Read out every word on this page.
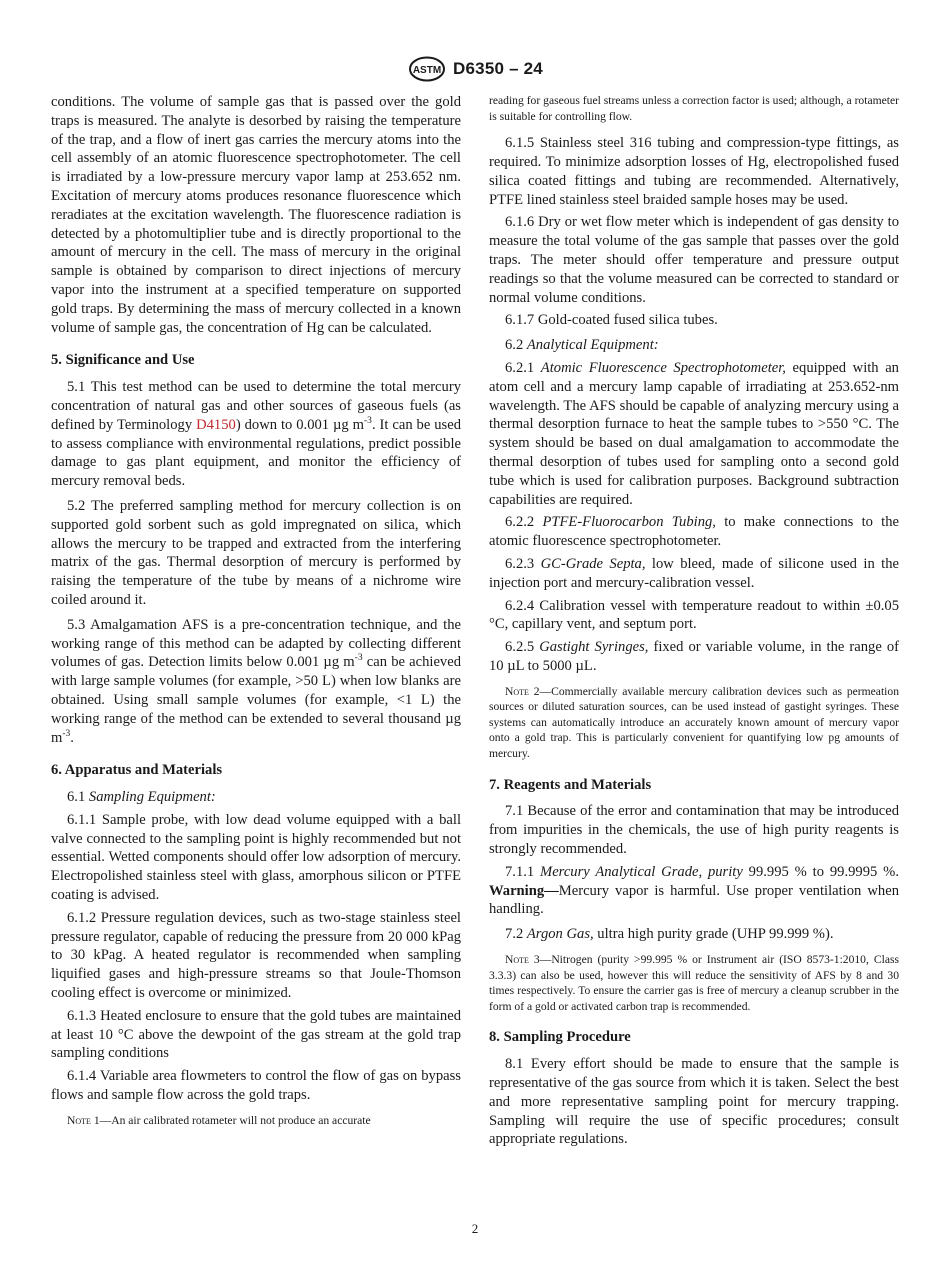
ASTM D6350 – 24

conditions. The volume of sample gas that is passed over the gold traps is measured. The analyte is desorbed by raising the temperature of the trap, and a flow of inert gas carries the mercury atoms into the cell assembly of an atomic fluorescence spectrophotometer. The cell is irradiated by a low-pressure mercury vapor lamp at 253.652 nm. Excitation of mercury atoms produces resonance fluorescence which reradiates at the excitation wavelength. The fluorescence radiation is detected by a photomultiplier tube and is directly proportional to the amount of mercury in the cell. The mass of mercury in the original sample is obtained by comparison to direct injections of mercury vapor into the instrument at a specified temperature on supported gold traps. By determining the mass of mercury collected in a known volume of sample gas, the concentration of Hg can be calculated.

5. Significance and Use

5.1 This test method can be used to determine the total mercury concentration of natural gas and other sources of gaseous fuels (as defined by Terminology D4150) down to 0.001 µg $m^{-3}$. It can be used to assess compliance with environmental regulations, predict possible damage to gas plant equipment, and monitor the efficiency of mercury removal beds.

5.2 The preferred sampling method for mercury collection is on supported gold sorbent such as gold impregnated on silica, which allows the mercury to be trapped and extracted from the interfering matrix of the gas. Thermal desorption of mercury is performed by raising the temperature of the tube by means of a nichrome wire coiled around it.

5.3 Amalgamation AFS is a pre-concentration technique, and the working range of this method can be adapted by collecting different volumes of gas. Detection limits below 0.001 µg $m^{-3}$ can be achieved with large sample volumes (for example, >50 L) when low blanks are obtained. Using small sample volumes (for example, <1 L) the working range of the method can be extended to several thousand µg $m^{-3}$.

6. Apparatus and Materials

6.1 Sampling Equipment:

6.1.1 Sample probe, with low dead volume equipped with a ball valve connected to the sampling point is highly recommended but not essential. Wetted components should offer low adsorption of mercury. Electropolished stainless steel with glass, amorphous silicon or PTFE coating is advised.

6.1.2 Pressure regulation devices, such as two-stage stainless steel pressure regulator, capable of reducing the pressure from 20 000 kPag to 30 kPag. A heated regulator is recommended when sampling liquified gases and high-pressure streams so that Joule-Thomson cooling effect is overcome or minimized.

6.1.3 Heated enclosure to ensure that the gold tubes are maintained at least 10 °C above the dewpoint of the gas stream at the gold trap sampling conditions

6.1.4 Variable area flowmeters to control the flow of gas on bypass flows and sample flow across the gold traps.

Note 1—An air calibrated rotameter will not produce an accurate

reading for gaseous fuel streams unless a correction factor is used; although, a rotameter is suitable for controlling flow.

6.1.5 Stainless steel 316 tubing and compression-type fittings, as required. To minimize adsorption losses of Hg, electropolished fused silica coated fittings and tubing are recommended. Alternatively, PTFE lined stainless steel braided sample hoses may be used.

6.1.6 Dry or wet flow meter which is independent of gas density to measure the total volume of the gas sample that passes over the gold traps. The meter should offer temperature and pressure output readings so that the volume measured can be corrected to standard or normal volume conditions.

6.1.7 Gold-coated fused silica tubes.

6.2 Analytical Equipment:

6.2.1 Atomic Fluorescence Spectrophotometer, equipped with an atom cell and a mercury lamp capable of irradiating at 253.652-nm wavelength. The AFS should be capable of analyzing mercury using a thermal desorption furnace to heat the sample tubes to >550 °C. The system should be based on dual amalgamation to accommodate the thermal desorption of tubes used for sampling onto a second gold tube which is used for calibration purposes. Background subtraction capabilities are required.

6.2.2 PTFE-Fluorocarbon Tubing, to make connections to the atomic fluorescence spectrophotometer.

6.2.3 GC-Grade Septa, low bleed, made of silicone used in the injection port and mercury-calibration vessel.

6.2.4 Calibration vessel with temperature readout to within ±0.05 °C, capillary vent, and septum port.

6.2.5 Gastight Syringes, fixed or variable volume, in the range of 10 µL to 5000 µL.

Note 2—Commercially available mercury calibration devices such as permeation sources or diluted saturation sources, can be used instead of gastight syringes. These systems can automatically introduce an accurately known amount of mercury vapor onto a gold trap. This is particularly convenient for quantifying low pg amounts of mercury.

7. Reagents and Materials

7.1 Because of the error and contamination that may be introduced from impurities in the chemicals, the use of high purity reagents is strongly recommended.

7.1.1 Mercury Analytical Grade, purity 99.995 % to 99.9995 %. Warning—Mercury vapor is harmful. Use proper ventilation when handling.

7.2 Argon Gas, ultra high purity grade (UHP 99.999 %).

Note 3—Nitrogen (purity >99.995 % or Instrument air (ISO 8573-1:2010, Class 3.3.3) can also be used, however this will reduce the sensitivity of AFS by 8 and 30 times respectively. To ensure the carrier gas is free of mercury a cleanup scrubber in the form of a gold or activated carbon trap is recommended.

8. Sampling Procedure

8.1 Every effort should be made to ensure that the sample is representative of the gas source from which it is taken. Select the best and more representative sampling point for mercury trapping. Sampling will require the use of specific procedures; consult appropriate regulations.

2
